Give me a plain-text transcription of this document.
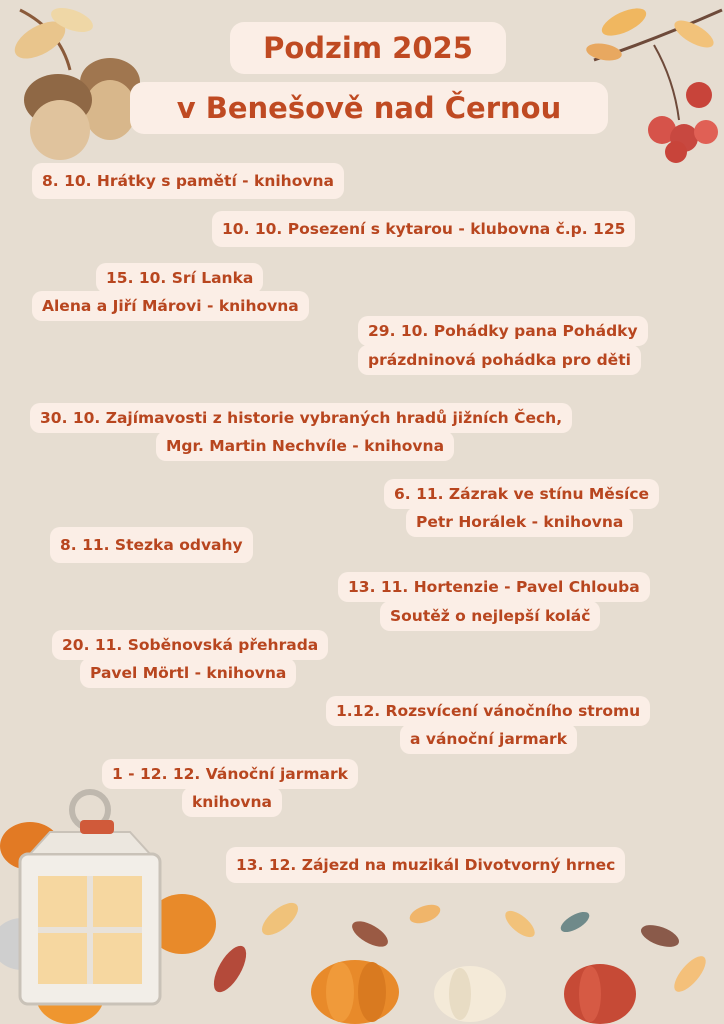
Podzim 2025
v Benešově nad Černou
8. 10. Hrátky s pamětí - knihovna
10. 10. Posezení s kytarou - klubovna č.p. 125
15. 10. Srí Lanka
Alena a Jiří Márovi - knihovna
29. 10. Pohádky pana Pohádky
prázdninová pohádka pro děti
30. 10. Zajímavosti z historie vybraných hradů jižních Čech,
Mgr. Martin Nechvíle - knihovna
6. 11. Zázrak ve stínu Měsíce
Petr Horálek - knihovna
8. 11. Stezka odvahy
13. 11. Hortenzie - Pavel Chlouba
Soutěž o nejlepší koláč
20. 11. Soběnovská přehrada
Pavel Mörtl - knihovna
1.12. Rozsvícení vánočního stromu
a vánoční jarmark
1 - 12. 12. Vánoční jarmark
knihovna
13. 12. Zájezd na muzikál Divotvorný hrnec
